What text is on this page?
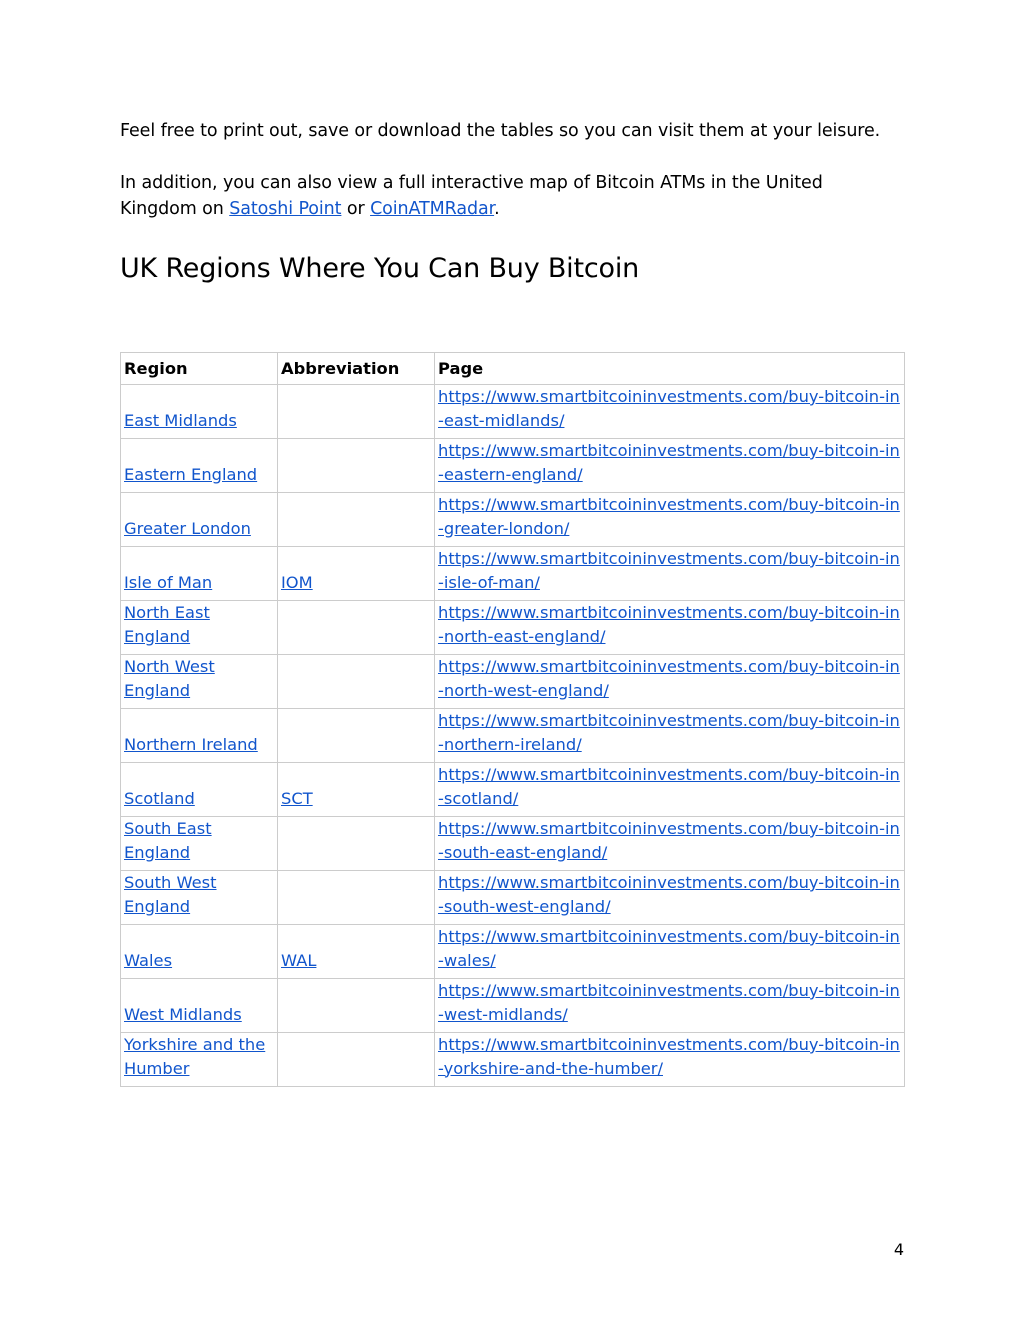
Feel free to print out, save or download the tables so you can visit them at your leisure.

In addition, you can also view a full interactive map of Bitcoin ATMs in the United Kingdom on Satoshi Point or CoinATMRadar.

UK Regions Where You Can Buy Bitcoin
Region	Abbreviation	Page
East Midlands		https://www.smartbitcoininvestments.com/buy-bitcoin-in-east-midlands/
Eastern England		https://www.smartbitcoininvestments.com/buy-bitcoin-in-eastern-england/
Greater London		https://www.smartbitcoininvestments.com/buy-bitcoin-in-greater-london/
Isle of Man	IOM	https://www.smartbitcoininvestments.com/buy-bitcoin-in-isle-of-man/
North East England		https://www.smartbitcoininvestments.com/buy-bitcoin-in-north-east-england/
North West England		https://www.smartbitcoininvestments.com/buy-bitcoin-in-north-west-england/
Northern Ireland		https://www.smartbitcoininvestments.com/buy-bitcoin-in-northern-ireland/
Scotland	SCT	https://www.smartbitcoininvestments.com/buy-bitcoin-in-scotland/
South East England		https://www.smartbitcoininvestments.com/buy-bitcoin-in-south-east-england/
South West England		https://www.smartbitcoininvestments.com/buy-bitcoin-in-south-west-england/
Wales	WAL	https://www.smartbitcoininvestments.com/buy-bitcoin-in-wales/
West Midlands		https://www.smartbitcoininvestments.com/buy-bitcoin-in-west-midlands/
Yorkshire and the Humber		https://www.smartbitcoininvestments.com/buy-bitcoin-in-yorkshire-and-the-humber/
4
